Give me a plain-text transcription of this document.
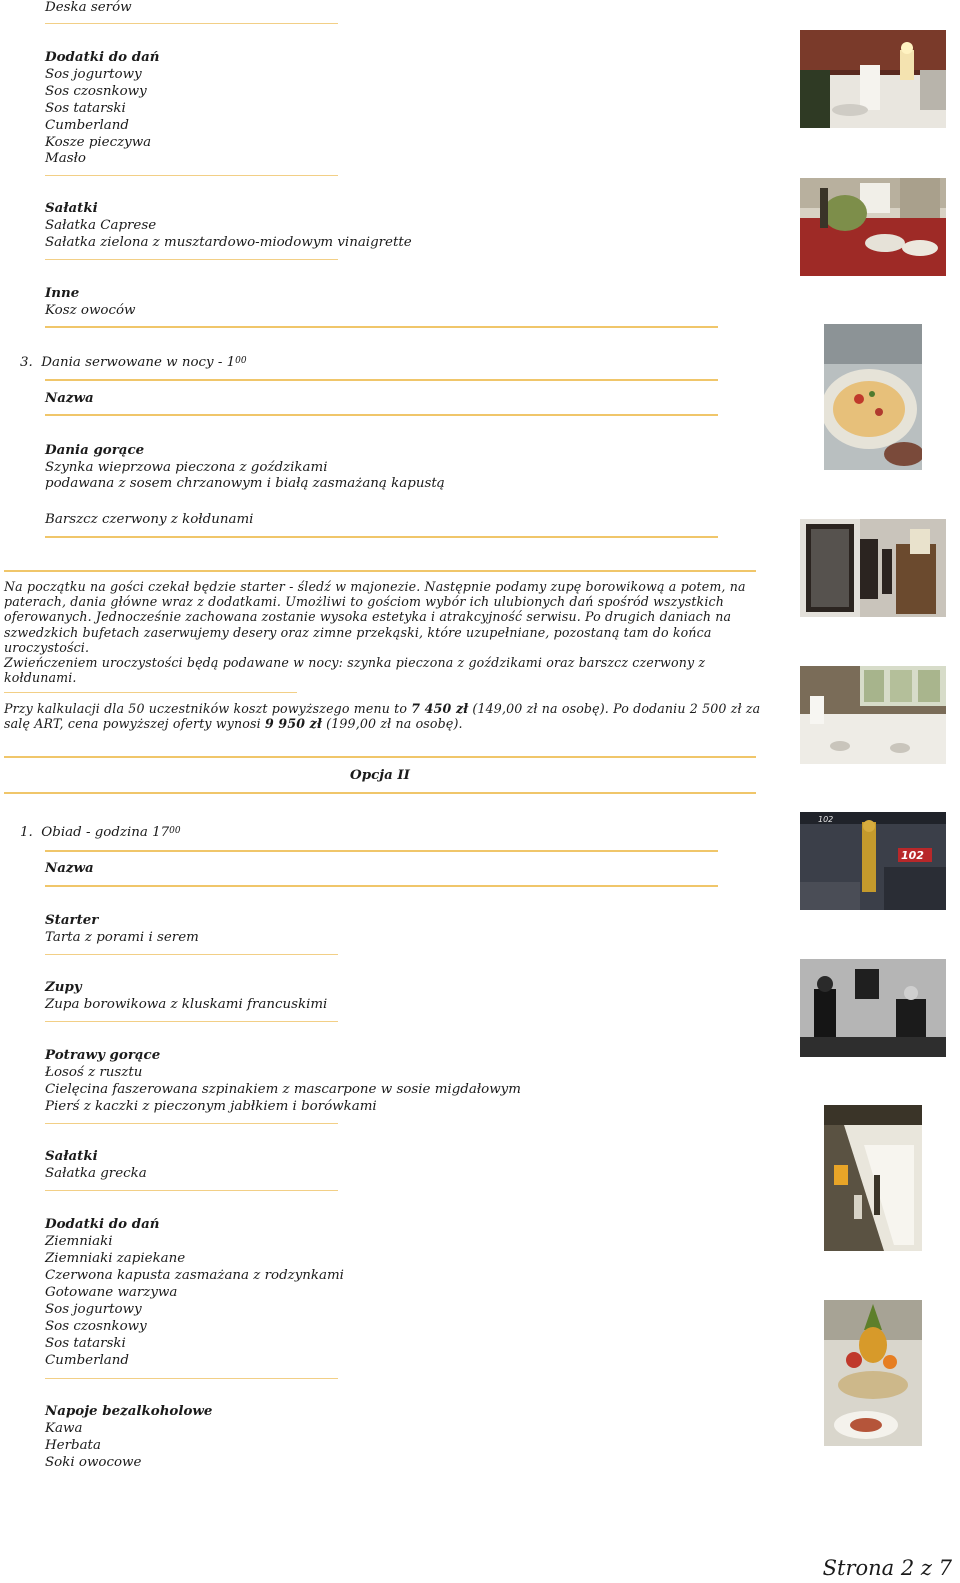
Deska serów
Dodatki do dań
Sos jogurtowy
Sos czosnkowy
Sos tatarski
Cumberland
Kosze pieczywa
Masło
Sałatki
Sałatka Caprese
Sałatka zielona z musztardowo-miodowym vinaigrette
Inne
Kosz owoców
3. Dania serwowane w nocy - $1^{00}$
Nazwa
Dania gorące
Szynka wieprzowa pieczona z goździkami
podawana z sosem chrzanowym i białą zasmażaną kapustą
Barszcz czerwony z kołdunami
Na początku na gości czekał będzie starter - śledź w majonezie. Następnie podamy zupę borowikową a potem, na paterach, dania główne wraz z dodatkami. Umożliwi to gościom wybór ich ulubionych dań spośród wszystkich oferowanych. Jednocześnie zachowana zostanie wysoka estetyka i atrakcyjność serwisu. Po drugich daniach na szwedzkich bufetach zaserwujemy desery oraz zimne przekąski, które uzupełniane, pozostaną tam do końca uroczystości.
Zwieńczeniem uroczystości będą podawane w nocy: szynka pieczona z goździkami oraz barszcz czerwony z kołdunami.
Przy kalkulacji dla 50 uczestników koszt powyższego menu to 7 450 zł (149,00 zł na osobę). Po dodaniu 2 500 zł za salę ART, cena powyższej oferty wynosi 9 950 zł (199,00 zł na osobę).
Opcja II
1. Obiad - godzina $17^{00}$
Nazwa
Starter
Tarta z porami i serem
Zupy
Zupa borowikowa z kluskami francuskimi
Potrawy gorące
Łosoś z rusztu
Cielęcina faszerowana szpinakiem z mascarpone w sosie migdałowym
Pierś z kaczki z pieczonym jabłkiem i borówkami
Sałatki
Sałatka grecka
Dodatki do dań
Ziemniaki
Ziemniaki zapiekane
Czerwona kapusta zasmażana z rodzynkami
Gotowane warzywa
Sos jogurtowy
Sos czosnkowy
Sos tatarski
Cumberland
Napoje bezalkoholowe
Kawa
Herbata
Soki owocowe
102
102
Strona 2 z 7
